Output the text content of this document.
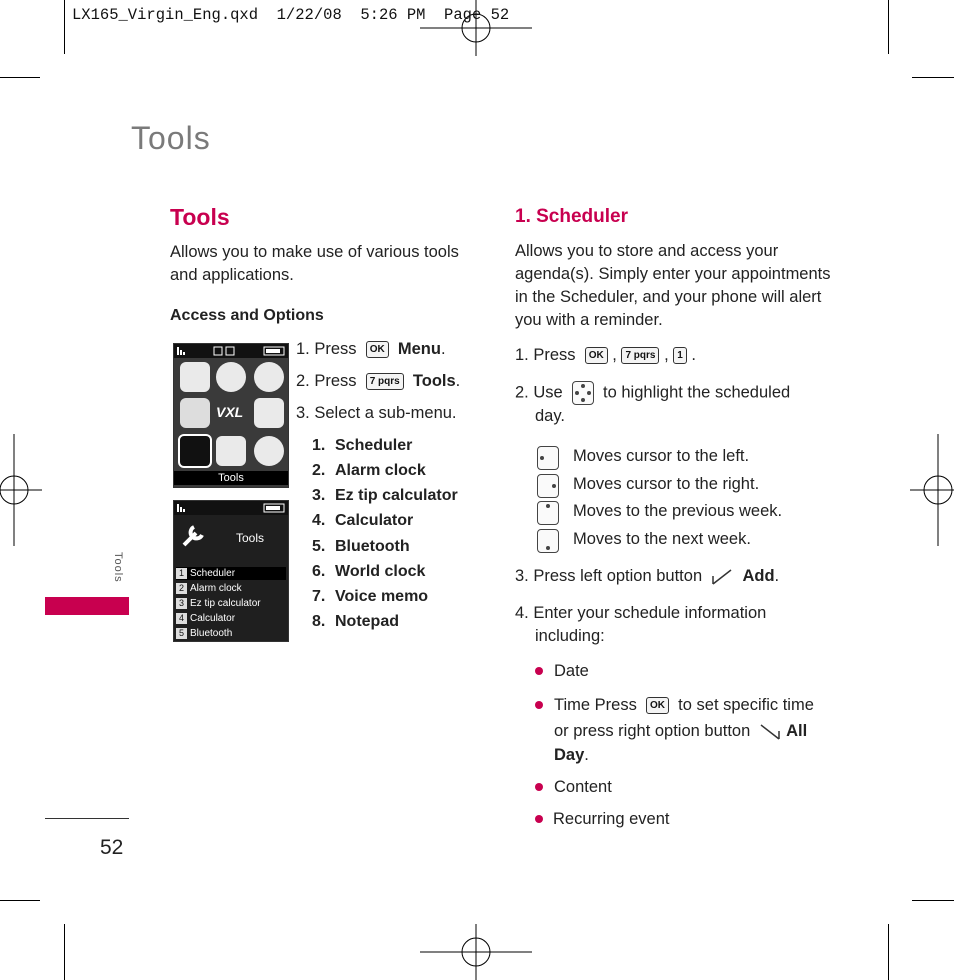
LX165_Virgin_Eng.qxd  1/22/08  5:26 PM  Page 52
Tools
Tools
Allows you to make use of various tools
and applications.
Access and Options
1. Press OK Menu.
2. Press 7 pqrs Tools.
3. Select a sub-menu.
1. Scheduler
2. Alarm clock
3. Ez tip calculator
4. Calculator
5. Bluetooth
6. World clock
7. Voice memo
8. Notepad
VXL
Tools
Tools
1 Scheduler
2 Alarm clock
3 Ez tip calculator
4 Calculator
5 Bluetooth
Tools
52
1. Scheduler
Allows you to store and access your
agenda(s). Simply enter your appointments
in the Scheduler, and your phone will alert
you with a reminder.
1. Press OK , 7 pqrs , 1 .
2. Use to highlight the scheduled
day.
Moves cursor to the left.
Moves cursor to the right.
Moves to the previous week.
Moves to the next week.
3. Press left option button Add.
4. Enter your schedule information
including:
Date
Time Press OK to set specific time
or press right option button All
Day.
Content
Recurring event
